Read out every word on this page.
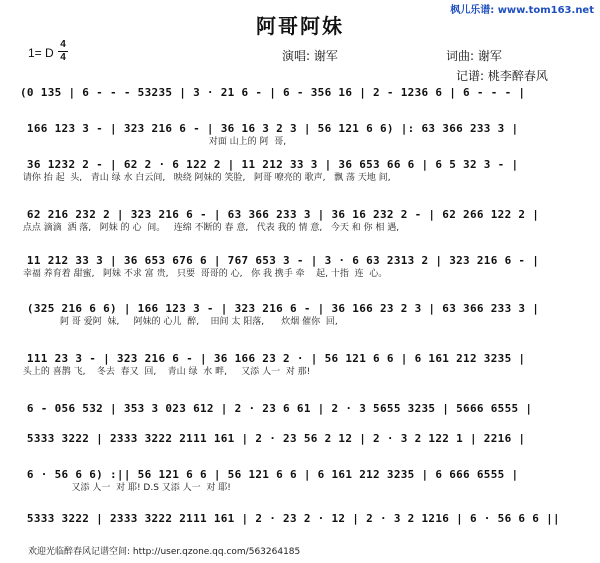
枫儿乐谱: www.tom163.net
阿哥阿妹
1= D
4
4	演唱: 谢军	词曲: 谢军
记谱: 桃李醉春风
(0 135 | 6 - - - 53235 | 3 · 21 6 - | 6 - 356 16 | 2 - 1236 6 | 6 - - - |
166 123 3 - | 323 216 6 - | 36 16 3 2 3 | 56 121 6 6) |: 63 366 233 3 |
对面 山上的 阿  哥,
36 1232 2 - | 62 2 · 6 122 2 | 11 212 33 3 | 36 653 66 6 | 6 5 32 3 - |
请你 抬 起  头,   青山 绿 水 白云间,   映绕 阿妹的 笑脸,   阿哥 嘹亮的 歌声,   飘 荡 天地 间,
62 216 232 2 | 323 216 6 - | 63 366 233 3 | 36 16 232 2 - | 62 266 122 2 |
点点 滴滴  洒 落,   阿妹 的 心  间。   连绵 不断的 春 意,   代表 我的 情 意,   今天 和 你 相 遇,
11 212 33 3 | 36 653 676 6 | 767 653 3 - | 3 · 6 63 2313 2 | 323 216 6 - |
幸福 养育着 甜蜜,   阿妹 不求 富 贵,   只要  哥哥的 心,   你 我 携手 牵    起, 十指  连  心。
(325 216 6 6) | 166 123 3 - | 323 216 6 - | 36 166 23 2 3 | 63 366 233 3 |
阿 哥 爱阿  妹,     阿妹的 心儿  醉,    田间 太 阳落,      炊烟 催你  回,
111 23 3 - | 323 216 6 - | 36 166 23 2 · | 56 121 6 6 | 6 161 212 3235 |
头上的 喜鹊 飞,    冬去  春又  回,    青山 绿  水 畔,     又添 人一  对 那!
6 - 056 532 | 353 3 023 612 | 2 · 23 6 61 | 2 · 3 5655 3235 | 5666 6555 |
5333 3222 | 2333 3222 2111 161 | 2 · 23 56 2 12 | 2 · 3 2 122 1 | 2216 |
6 · 56 6 6) :|| 56 121 6 6 | 56 121 6 6 | 6 161 212 3235 | 6 666 6555 |
又添 人一  对 耶! D.S 又添 人一  对 耶!
5333 3222 | 2333 3222 2111 161 | 2 · 23 2 · 12 | 2 · 3 2 1216 | 6 · 56 6 6 ||
欢迎光临醉春风记谱空间: http://user.qzone.qq.com/563264185
